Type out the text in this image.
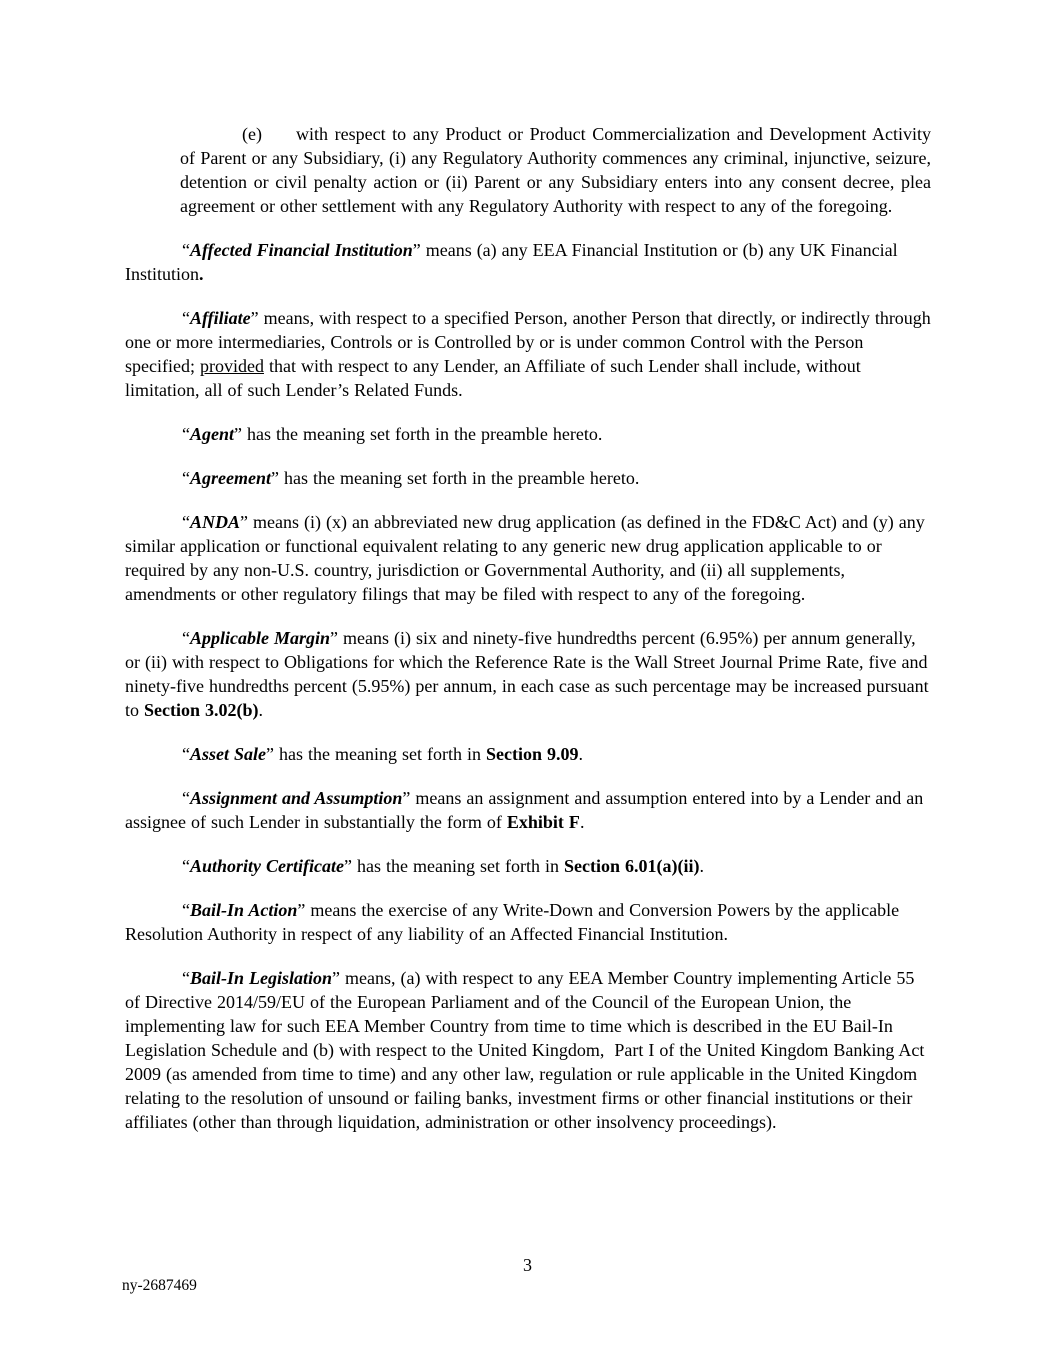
(e) with respect to any Product or Product Commercialization and Development Activity of Parent or any Subsidiary, (i) any Regulatory Authority commences any criminal, injunctive, seizure, detention or civil penalty action or (ii) Parent or any Subsidiary enters into any consent decree, plea agreement or other settlement with any Regulatory Authority with respect to any of the foregoing.

“Affected Financial Institution” means (a) any EEA Financial Institution or (b) any UK Financial Institution.

“Affiliate” means, with respect to a specified Person, another Person that directly, or indirectly through one or more intermediaries, Controls or is Controlled by or is under common Control with the Person specified; provided that with respect to any Lender, an Affiliate of such Lender shall include, without limitation, all of such Lender’s Related Funds.

“Agent” has the meaning set forth in the preamble hereto.

“Agreement” has the meaning set forth in the preamble hereto.

“ANDA” means (i) (x) an abbreviated new drug application (as defined in the FD&C Act) and (y) any similar application or functional equivalent relating to any generic new drug application applicable to or required by any non-U.S. country, jurisdiction or Governmental Authority, and (ii) all supplements, amendments or other regulatory filings that may be filed with respect to any of the foregoing.

“Applicable Margin” means (i) six and ninety-five hundredths percent (6.95%) per annum generally, or (ii) with respect to Obligations for which the Reference Rate is the Wall Street Journal Prime Rate, five and ninety-five hundredths percent (5.95%) per annum, in each case as such percentage may be increased pursuant to Section 3.02(b).

“Asset Sale” has the meaning set forth in Section 9.09.

“Assignment and Assumption” means an assignment and assumption entered into by a Lender and an assignee of such Lender in substantially the form of Exhibit F.

“Authority Certificate” has the meaning set forth in Section 6.01(a)(ii).

“Bail-In Action” means the exercise of any Write-Down and Conversion Powers by the applicable Resolution Authority in respect of any liability of an Affected Financial Institution.

“Bail-In Legislation” means, (a) with respect to any EEA Member Country implementing Article 55 of Directive 2014/59/EU of the European Parliament and of the Council of the European Union, the implementing law for such EEA Member Country from time to time which is described in the EU Bail-In Legislation Schedule and (b) with respect to the United Kingdom,  Part I of the United Kingdom Banking Act 2009 (as amended from time to time) and any other law, regulation or rule applicable in the United Kingdom relating to the resolution of unsound or failing banks, investment firms or other financial institutions or their affiliates (other than through liquidation, administration or other insolvency proceedings).

3
ny-2687469
